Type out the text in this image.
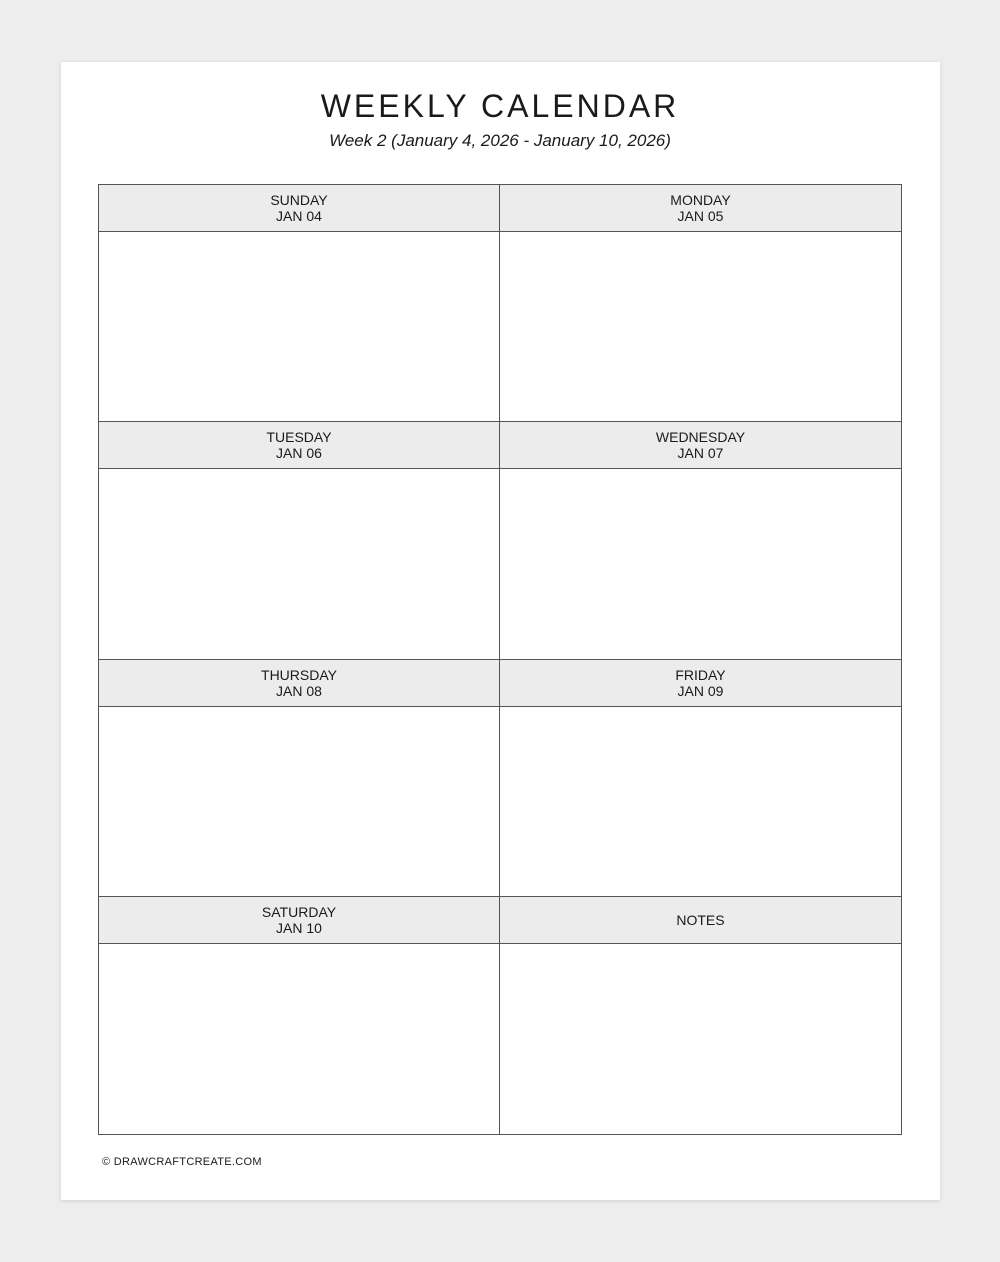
WEEKLY CALENDAR

Week 2 (January 4, 2026 - January 10, 2026)

SUNDAY
JAN 04
MONDAY
JAN 05
TUESDAY
JAN 06
WEDNESDAY
JAN 07
THURSDAY
JAN 08
FRIDAY
JAN 09
SATURDAY
JAN 10	NOTES
© DRAWCRAFTCREATE.COM
